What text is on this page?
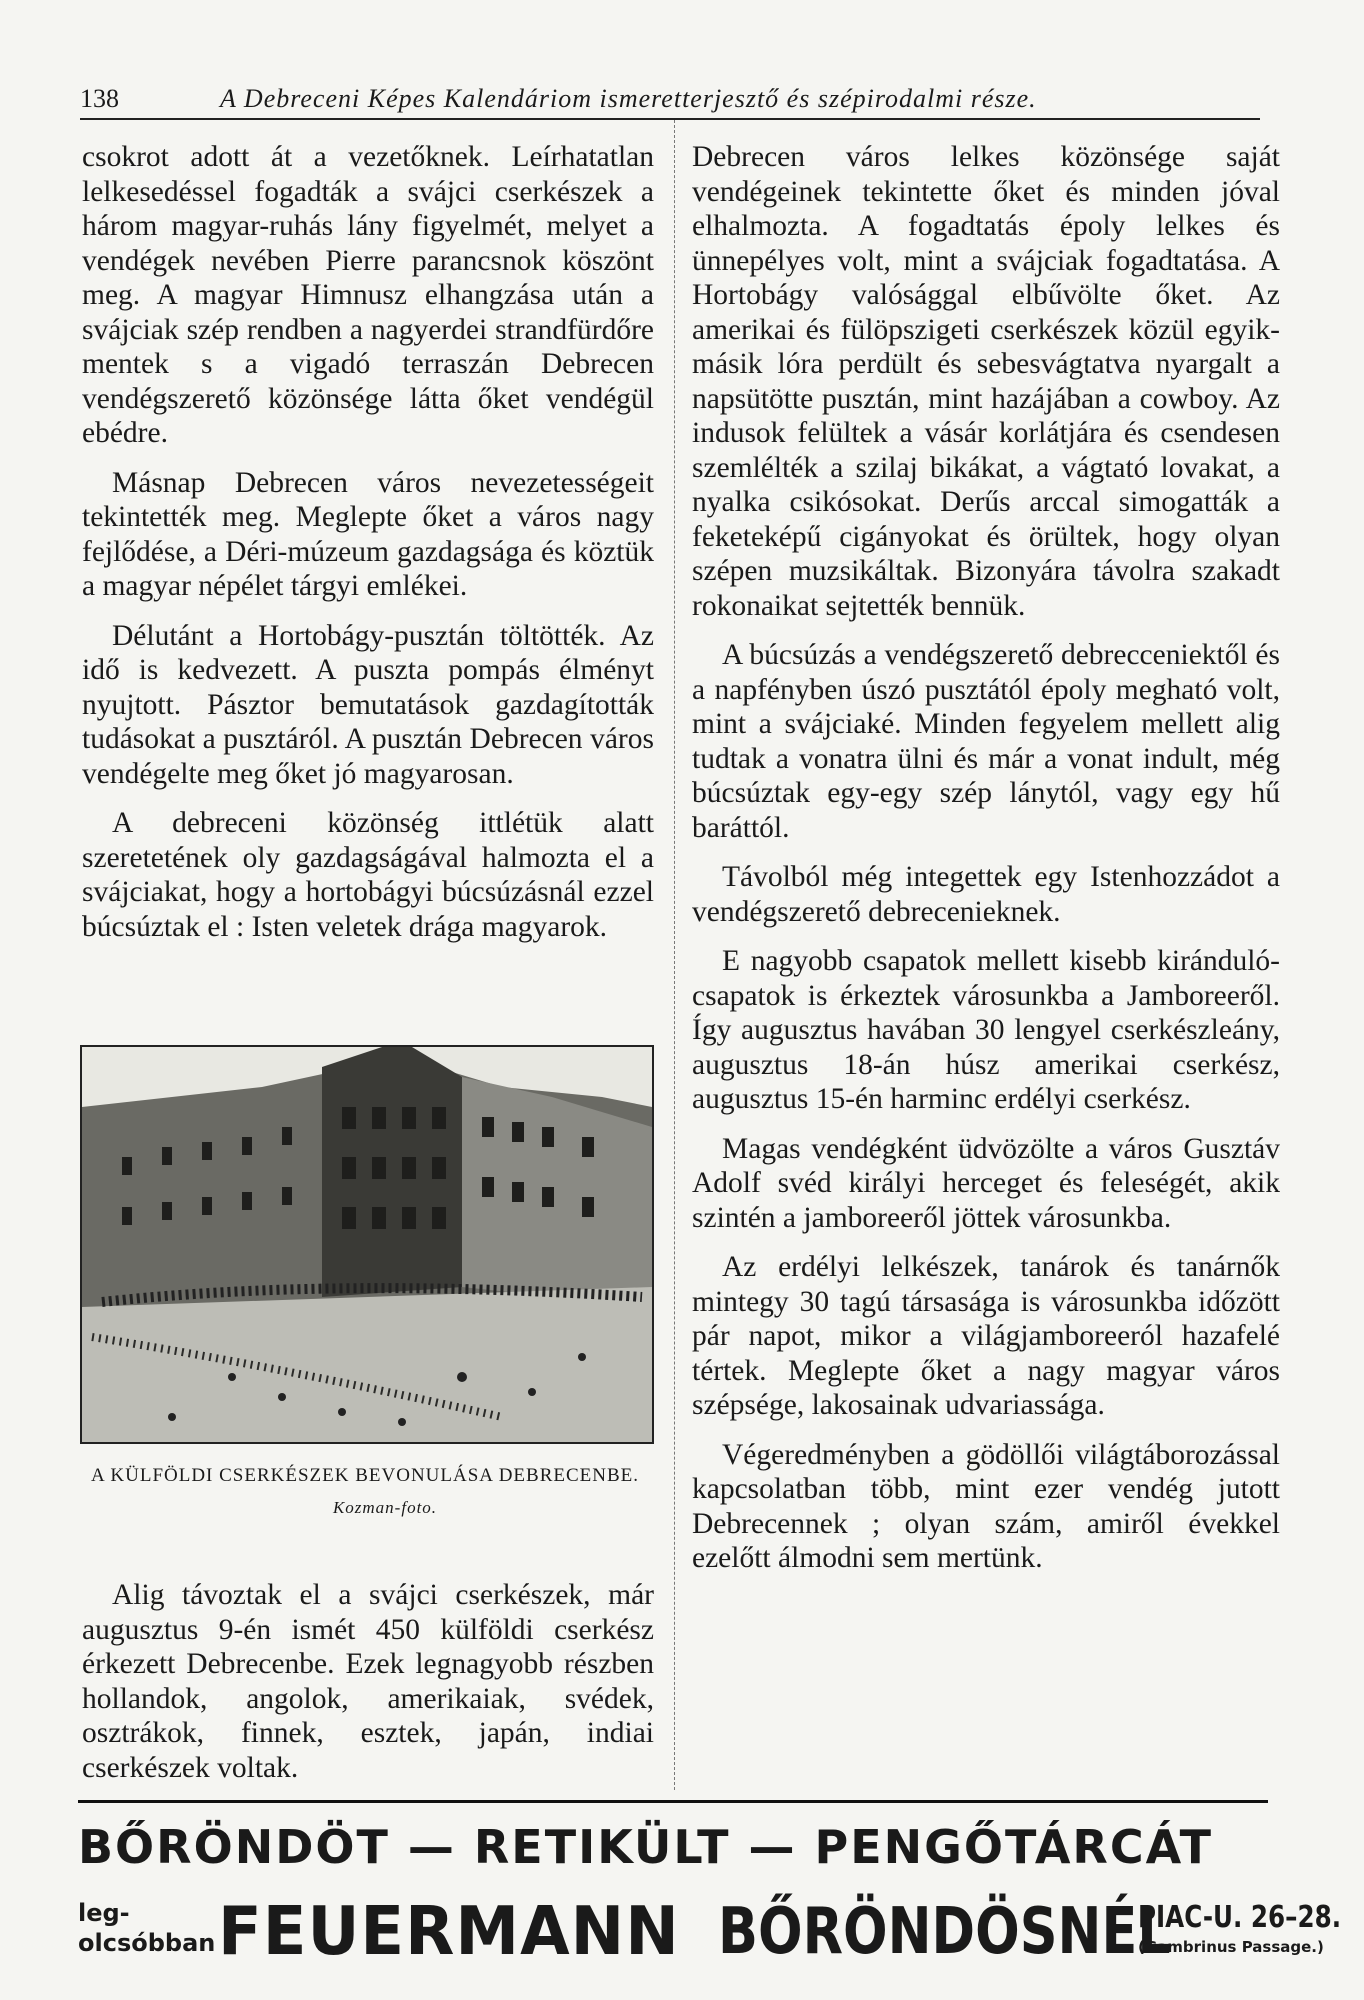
138	A Debreceni Képes Kalendáriom ismeretterjesztő és szépirodalmi része.

csokrot adott át a vezetőknek. Leírhatatlan lelkesedéssel fogadták a svájci cserkészek a három magyar-ruhás lány figyelmét, melyet a vendégek nevében Pierre parancsnok köszönt meg. A magyar Himnusz elhangzása után a svájciak szép rendben a nagyerdei strandfürdőre mentek s a vigadó terraszán Debrecen vendégszerető közönsége látta őket vendégül ebédre.

Másnap Debrecen város nevezetességeit tekintették meg. Meglepte őket a város nagy fejlődése, a Déri-múzeum gazdagsága és köztük a magyar népélet tárgyi emlékei.

Délutánt a Hortobágy-pusztán töltötték. Az idő is kedvezett. A puszta pompás élményt nyujtott. Pásztor bemutatások gazdagították tudásokat a pusztáról. A pusztán Debrecen város vendégelte meg őket jó magyarosan.

A debreceni közönség ittlétük alatt szeretetének oly gazdagságával halmozta el a svájciakat, hogy a hortobágyi búcsúzásnál ezzel búcsúztak el : Isten veletek drága magyarok.

A KÜLFÖLDI CSERKÉSZEK BEVONULÁSA DEBRECENBE. Kozman-foto.

Alig távoztak el a svájci cserkészek, már augusztus 9-én ismét 450 külföldi cserkész érkezett Debrecenbe. Ezek legnagyobb részben hollandok, angolok, amerikaiak, svédek, osztrákok, finnek, esztek, japán, indiai cserkészek voltak.

Debrecen város lelkes közönsége saját vendégeinek tekintette őket és minden jóval elhalmozta. A fogadtatás époly lelkes és ünnepélyes volt, mint a svájciak fogadtatása. A Hortobágy valósággal elbűvölte őket. Az amerikai és fülöpszigeti cserkészek közül egyik-másik lóra perdült és sebesvágtatva nyargalt a napsütötte pusztán, mint hazájában a cowboy. Az indusok felültek a vásár korlátjára és csendesen szemlélték a szilaj bikákat, a vágtató lovakat, a nyalka csikósokat. Derűs arccal simogatták a feketeképű cigányokat és örültek, hogy olyan szépen muzsikáltak. Bizonyára távolra szakadt rokonaikat sejtették bennük.

A búcsúzás a vendégszerető debrecceniektől és a napfényben úszó pusztától époly megható volt, mint a svájciaké. Minden fegyelem mellett alig tudtak a vonatra ülni és már a vonat indult, még búcsúztak egy-egy szép lánytól, vagy egy hű baráttól.

Távolból még integettek egy Istenhozzádot a vendégszerető debrecenieknek.

E nagyobb csapatok mellett kisebb kiránduló-csapatok is érkeztek városunkba a Jamboreeről. Így augusztus havában 30 lengyel cserkészleány, augusztus 18-án húsz amerikai cserkész, augusztus 15-én harminc erdélyi cserkész.

Magas vendégként üdvözölte a város Gusztáv Adolf svéd királyi herceget és feleségét, akik szintén a jamboreeről jöttek városunkba.

Az erdélyi lelkészek, tanárok és tanárnők mintegy 30 tagú társasága is városunkba időzött pár napot, mikor a világjamboreeról hazafelé tértek. Meglepte őket a nagy magyar város szépsége, lakosainak udvariassága.

Végeredményben a gödöllői világtáborozással kapcsolatban több, mint ezer vendég jutott Debrecennek ; olyan szám, amiről évekkel ezelőtt álmodni sem mertünk.

BŐRÖNDÖT — RETIKÜLT — PENGŐTÁRCÁT
leg-
olcsóbban FEUERMANN BŐRÖNDÖSNÉL
PIAC-U. 26–28.
(Gambrinus Passage.)
